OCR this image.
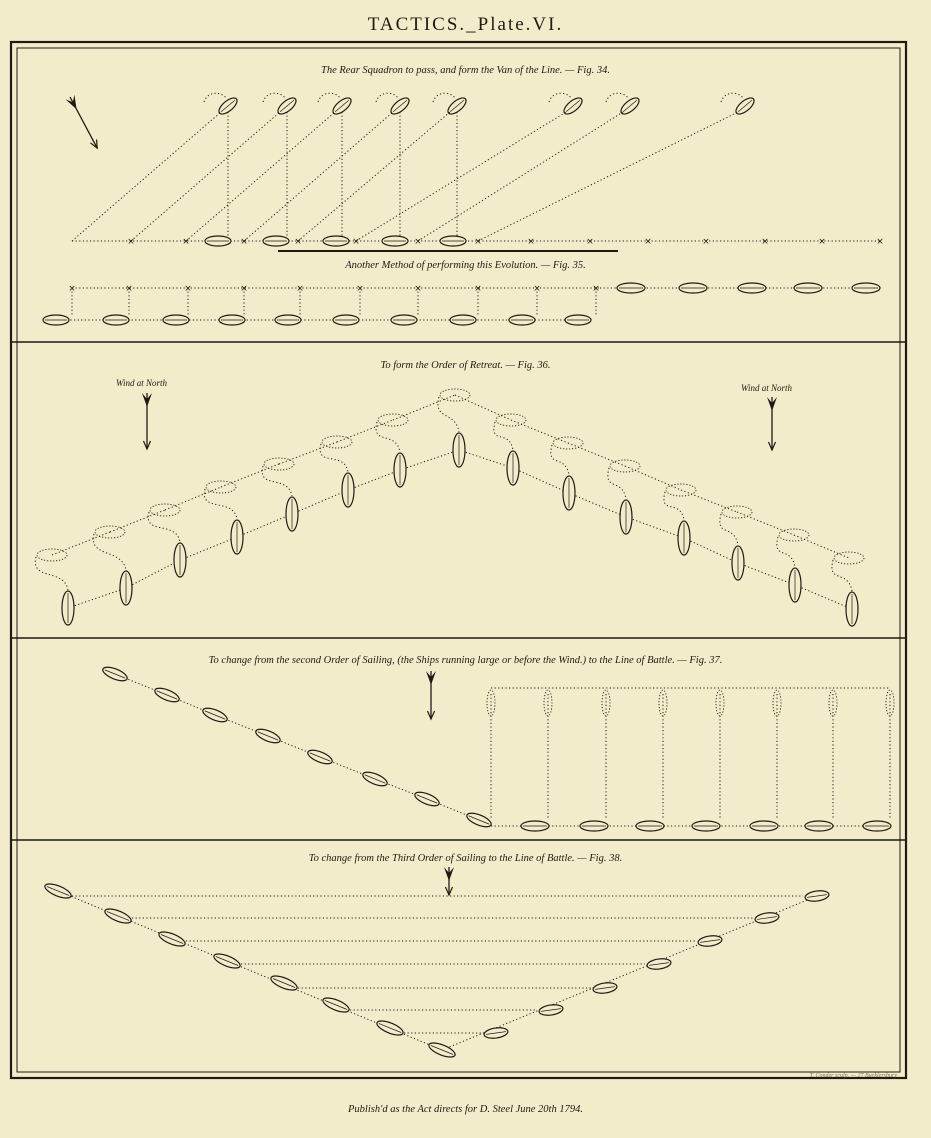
×	×	×	×	×	×	×	×	×	×	×	×	×	×
×	×	×	×	×	×	×	×	×	×
TACTICS._Plate.VI.
The Rear Squadron to pass, and form the Van of the Line. — Fig. 34.
Another Method of performing this Evolution. — Fig. 35.
To form the Order of Retreat. — Fig. 36.
Wind at North	Wind at North
To change from the second Order of Sailing, (the Ships running large or before the Wind.) to the Line of Battle. — Fig. 37.
To change from the Third Order of Sailing to the Line of Battle. — Fig. 38.
T. Conder sculp. — 27 Bucklersbury
Publish'd as the Act directs for D. Steel June 20th 1794.
